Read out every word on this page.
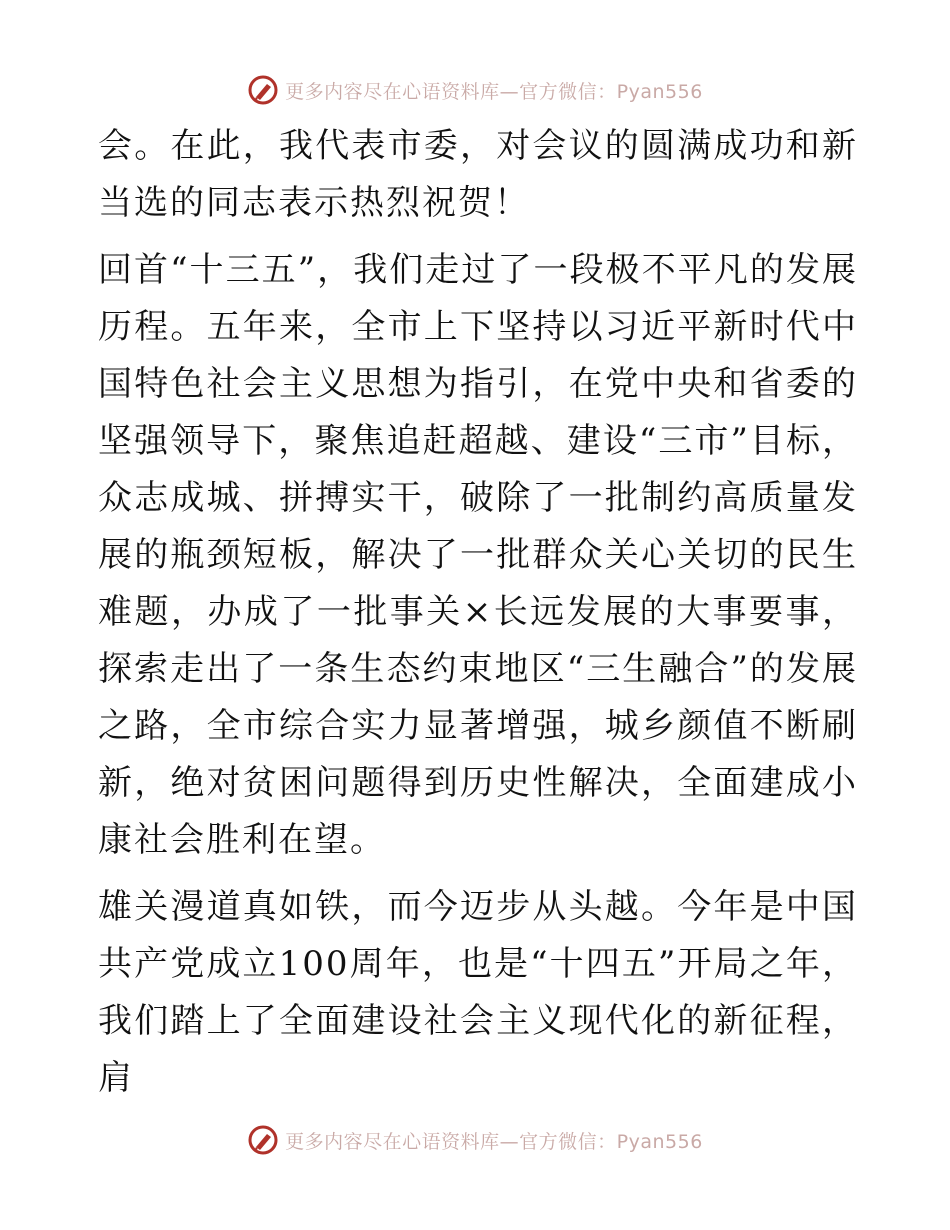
更多内容尽在心语资料库—官方微信：Pyan556

会。在此，我代表市委，对会议的圆满成功和新当选的同志表示热烈祝贺！

回首“十三五”，我们走过了一段极不平凡的发展历程。五年来，全市上下坚持以习近平新时代中国特色社会主义思想为指引，在党中央和省委的坚强领导下，聚焦追赶超越、建设“三市”目标，众志成城、拼搏实干，破除了一批制约高质量发展的瓶颈短板，解决了一批群众关心关切的民生难题，办成了一批事关×长远发展的大事要事，探索走出了一条生态约束地区“三生融合”的发展之路，全市综合实力显著增强，城乡颜值不断刷新，绝对贫困问题得到历史性解决，全面建成小康社会胜利在望。

雄关漫道真如铁，而今迈步从头越。今年是中国共产党成立100周年，也是“十四五”开局之年，我们踏上了全面建设社会主义现代化的新征程，肩

更多内容尽在心语资料库—官方微信：Pyan556
